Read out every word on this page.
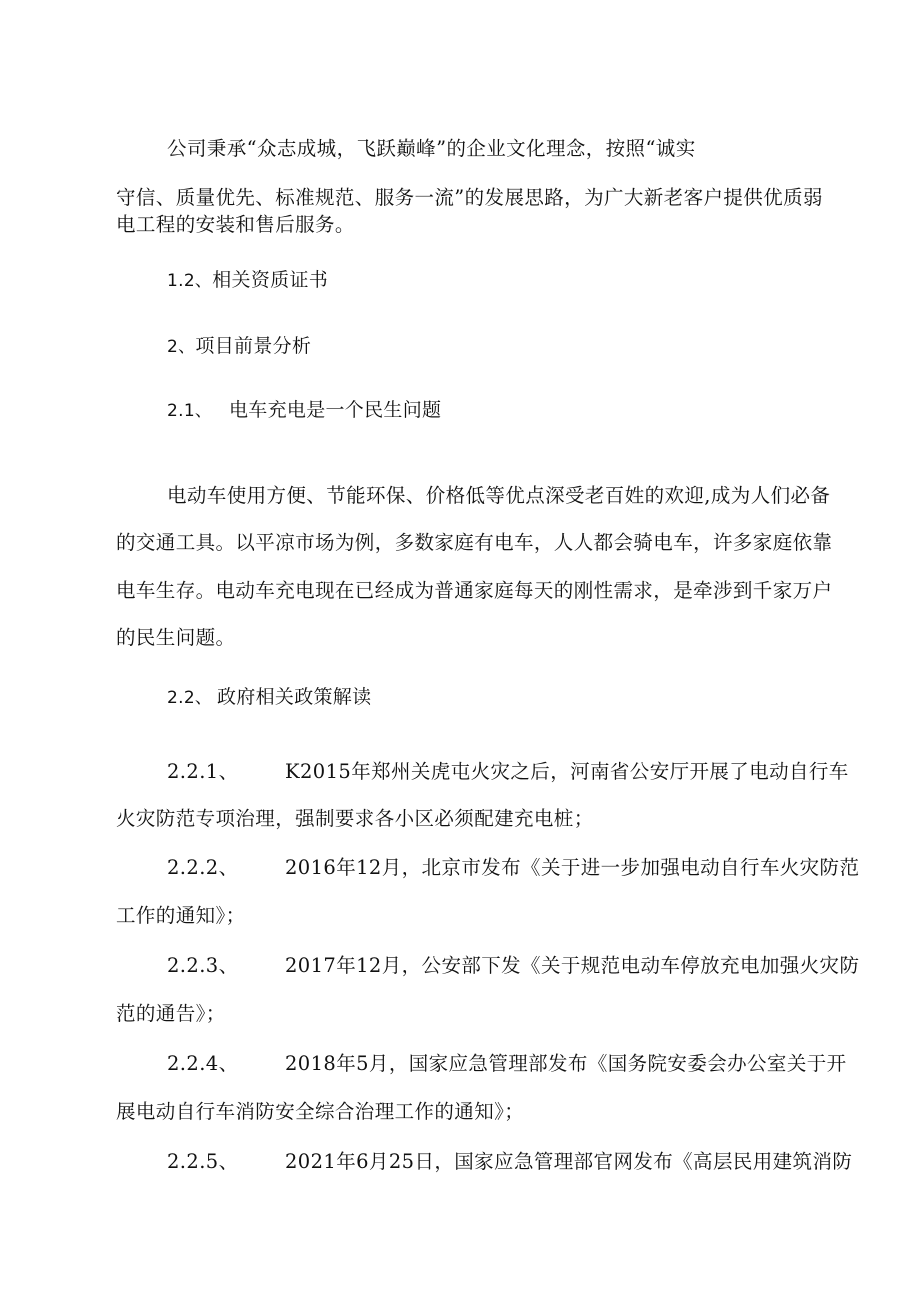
公司秉承“众志成城，飞跃巅峰”的企业文化理念，按照“诚实
守信、质量优先、标准规范、服务一流”的发展思路，为广大新老客户提供优质弱
电工程的安装和售后服务。
1.2、相关资质证书
2、项目前景分析
2.1、 电车充电是一个民生问题
电动车使用方便、节能环保、价格低等优点深受老百姓的欢迎,成为人们必备
的交通工具。以平凉市场为例，多数家庭有电车，人人都会骑电车，许多家庭依靠
电车生存。电动车充电现在已经成为普通家庭每天的刚性需求，是牵涉到千家万户
的民生问题。
2.2、 政府相关政策解读
2.2.1、 K2015年郑州关虎屯火灾之后，河南省公安厅开展了电动自行车
火灾防范专项治理，强制要求各小区必须配建充电桩；
2.2.2、 2016年12月，北京市发布《关于进一步加强电动自行车火灾防范
工作的通知》；
2.2.3、 2017年12月，公安部下发《关于规范电动车停放充电加强火灾防
范的通告》；
2.2.4、 2018年5月，国家应急管理部发布《国务院安委会办公室关于开
展电动自行车消防安全综合治理工作的通知》；
2.2.5、 2021年6月25日，国家应急管理部官网发布《高层民用建筑消防
